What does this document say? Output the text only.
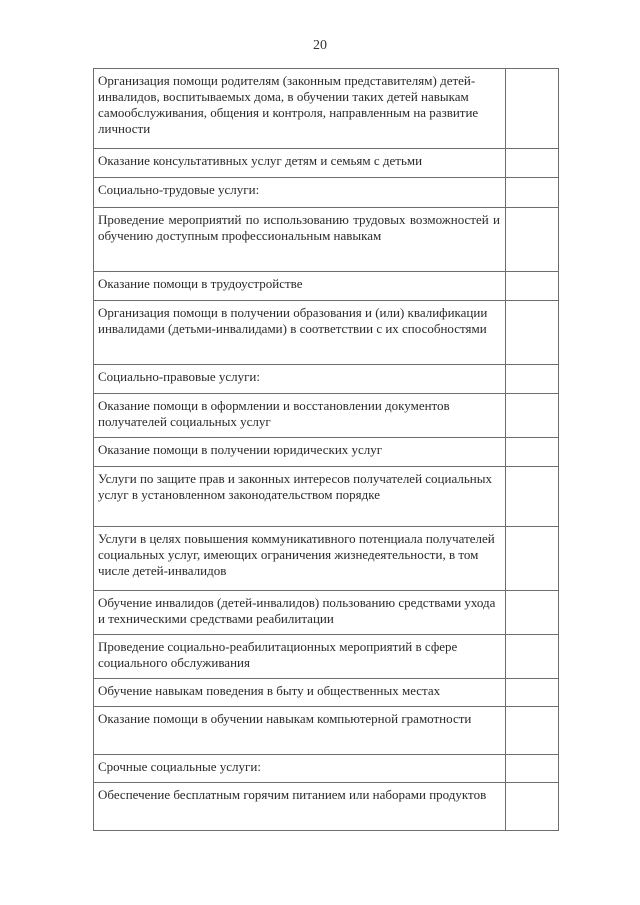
20
Организация помощи родителям (законным представителям) детей-инвалидов, воспитываемых дома, в обучении таких детей навыкам самообслуживания, общения и контроля, направленным на развитие личности	
Оказание консультативных услуг детям и семьям с детьми	
Социально-трудовые услуги:	
Проведение мероприятий по использованию трудовых возможностей и обучению доступным профессиональным навыкам	
Оказание помощи в трудоустройстве	
Организация помощи в получении образования и (или) квалификации инвалидами (детьми-инвалидами) в соответствии с их способностями	
Социально-правовые услуги:	
Оказание помощи в оформлении и восстановлении документов получателей социальных услуг	
Оказание помощи в получении юридических услуг	
Услуги по защите прав и законных интересов получателей социальных услуг в установленном законодательством порядке	
Услуги в целях повышения коммуникативного потенциала получателей социальных услуг, имеющих ограничения жизнедеятельности, в том числе детей-инвалидов	
Обучение инвалидов (детей-инвалидов) пользованию средствами ухода и техническими средствами реабилитации	
Проведение социально-реабилитационных мероприятий в сфере социального обслуживания	
Обучение навыкам поведения в быту и общественных местах	
Оказание помощи в обучении навыкам компьютерной грамотности	
Срочные социальные услуги:	
Обеспечение бесплатным горячим питанием или наборами продуктов	
